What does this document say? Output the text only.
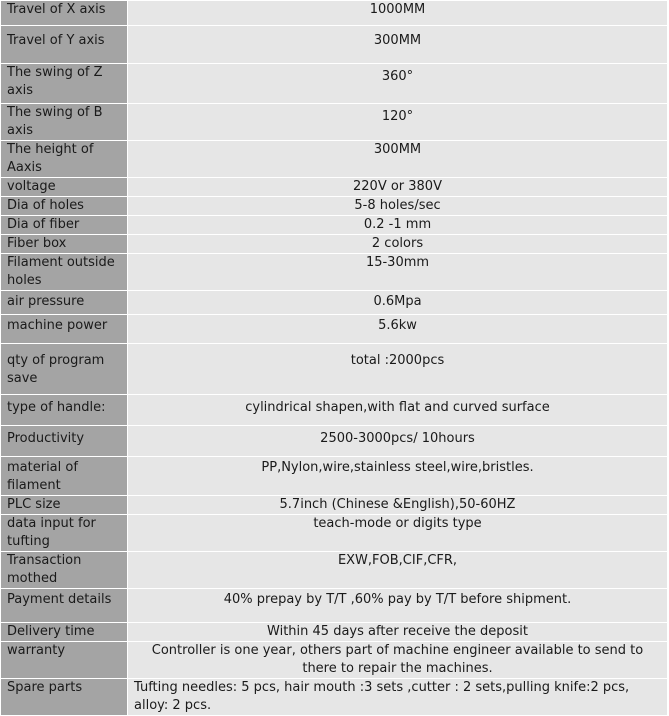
Travel of X axis	1000MM
Travel of Y axis	300MM
The swing of Z axis	360°
The swing of B axis	120°
The height of Aaxis	300MM
voltage	220V or 380V
Dia of holes	5-8 holes/sec
Dia of fiber	0.2 -1 mm
Fiber box	2 colors
Filament outside holes	15-30mm
air pressure	0.6Mpa
machine power	5.6kw
qty of program save	total :2000pcs
type of handle:	cylindrical shapen,with flat and curved surface
Productivity	2500-3000pcs/ 10hours
material of filament	PP,Nylon,wire,stainless steel,wire,bristles.
PLC size	5.7inch (Chinese &English),50-60HZ
data input for tufting	teach-mode or digits type
Transaction mothed	EXW,FOB,CIF,CFR,
Payment details	40% prepay by T/T ,60% pay by T/T before shipment.
Delivery time	Within 45 days after receive the deposit
warranty	Controller is one year, others part of machine engineer available to send to there to repair the machines.
Spare parts	Tufting needles: 5 pcs, hair mouth :3 sets ,cutter : 2 sets,pulling knife:2 pcs, alloy: 2 pcs.
